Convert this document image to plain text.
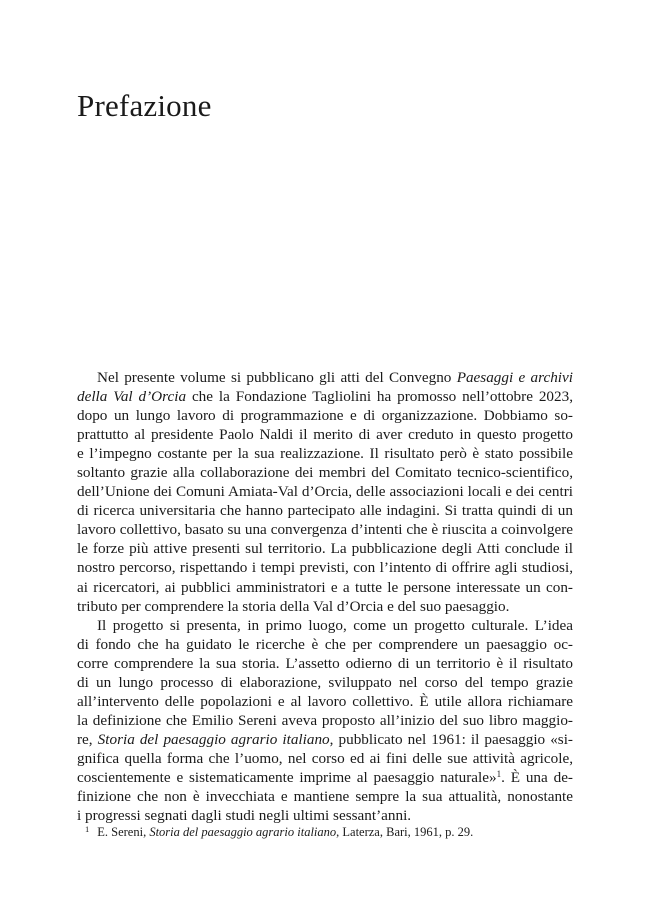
Prefazione
Nel presente volume si pubblicano gli atti del Convegno Paesaggi e archivi
della Val d’Orcia che la Fondazione Tagliolini ha promosso nell’ottobre 2023,
dopo un lungo lavoro di programmazione e di organizzazione. Dobbiamo so-
prattutto al presidente Paolo Naldi il merito di aver creduto in questo progetto
e l’impegno costante per la sua realizzazione. Il risultato però è stato possibile
soltanto grazie alla collaborazione dei membri del Comitato tecnico-scientifico,
dell’Unione dei Comuni Amiata-Val d’Orcia, delle associazioni locali e dei centri
di ricerca universitaria che hanno partecipato alle indagini. Si tratta quindi di un
lavoro collettivo, basato su una convergenza d’intenti che è riuscita a coinvolgere
le forze più attive presenti sul territorio. La pubblicazione degli Atti conclude il
nostro percorso, rispettando i tempi previsti, con l’intento di offrire agli studiosi,
ai ricercatori, ai pubblici amministratori e a tutte le persone interessate un con-
tributo per comprendere la storia della Val d’Orcia e del suo paesaggio.
Il progetto si presenta, in primo luogo, come un progetto culturale. L’idea
di fondo che ha guidato le ricerche è che per comprendere un paesaggio oc-
corre comprendere la sua storia. L’assetto odierno di un territorio è il risultato
di un lungo processo di elaborazione, sviluppato nel corso del tempo grazie
all’intervento delle popolazioni e al lavoro collettivo. È utile allora richiamare
la definizione che Emilio Sereni aveva proposto all’inizio del suo libro maggio-
re, Storia del paesaggio agrario italiano, pubblicato nel 1961: il paesaggio «si-
gnifica quella forma che l’uomo, nel corso ed ai fini delle sue attività agricole,
coscientemente e sistematicamente imprime al paesaggio naturale»$^1$. È una de-
finizione che non è invecchiata e mantiene sempre la sua attualità, nonostante
i progressi segnati dagli studi negli ultimi sessant’anni.
$^1$ E. Sereni, Storia del paesaggio agrario italiano, Laterza, Bari, 1961, p. 29.
